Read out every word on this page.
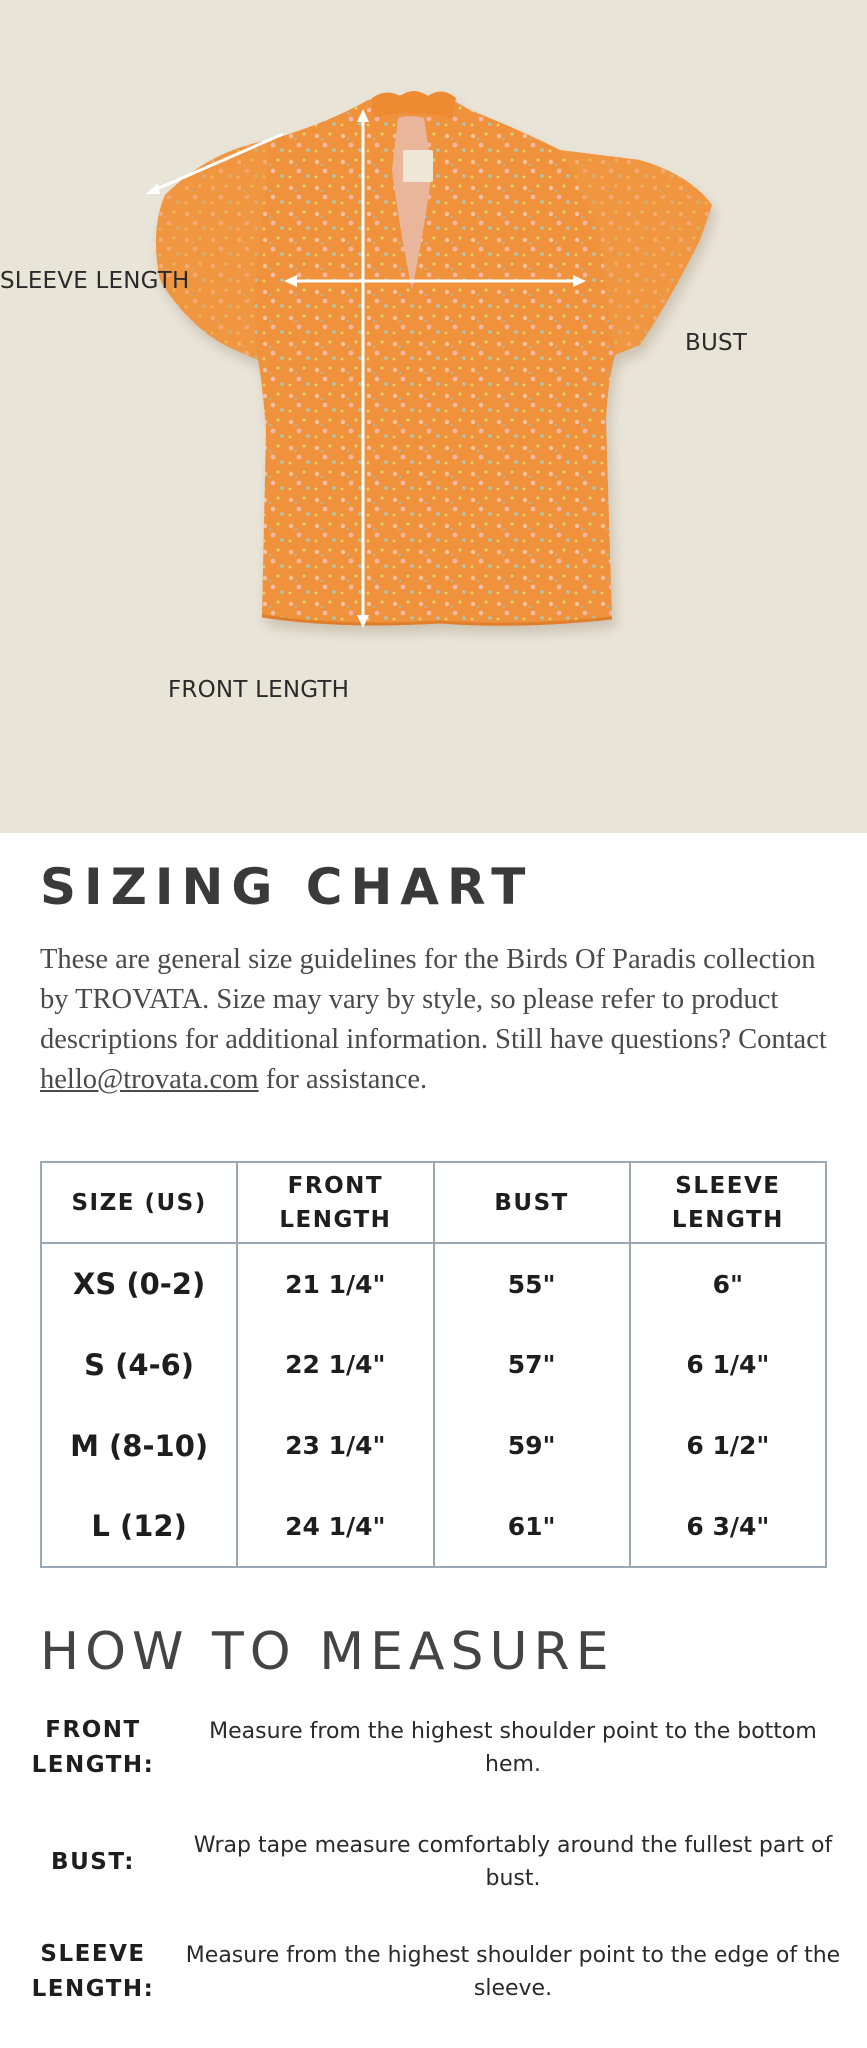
SLEEVE LENGTH
BUST
FRONT LENGTH
SIZING CHART

These are general size guidelines for the Birds Of Paradis collection by TROVATA. Size may vary by style, so please refer to product descriptions for additional information. Still have questions? Contact hello@trovata.com for assistance.

SIZE (US)	FRONT LENGTH	BUST	SLEEVE LENGTH
XS (0-2)	21 1/4"	55"	6"
S (4-6)	22 1/4"	57"	6 1/4"
M (8-10)	23 1/4"	59"	6 1/2"
L (12)	24 1/4"	61"	6 3/4"
HOW TO MEASURE
FRONT LENGTH:
Measure from the highest shoulder point to the bottom hem.
BUST:
Wrap tape measure comfortably around the fullest part of bust.
SLEEVE LENGTH:
Measure from the highest shoulder point to the edge of the sleeve.
